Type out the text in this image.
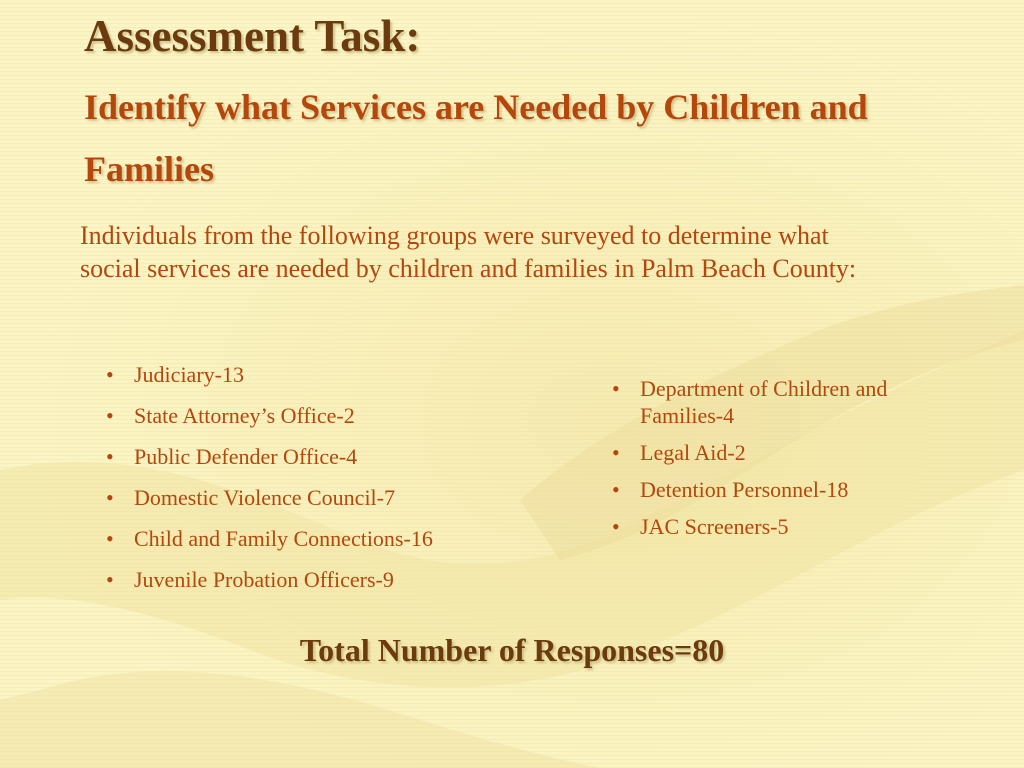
Assessment Task:
Identify what Services are Needed by Children and Families

Individuals from the following groups were surveyed to determine what social services are needed by children and families in Palm Beach County:

• Judiciary-13
• State Attorney’s Office-2
• Public Defender Office-4
• Domestic Violence Council-7
• Child and Family Connections-16
• Juvenile Probation Officers-9
• Department of Children and Families-4
• Legal Aid-2
• Detention Personnel-18
• JAC Screeners-5

Total Number of Responses=80
